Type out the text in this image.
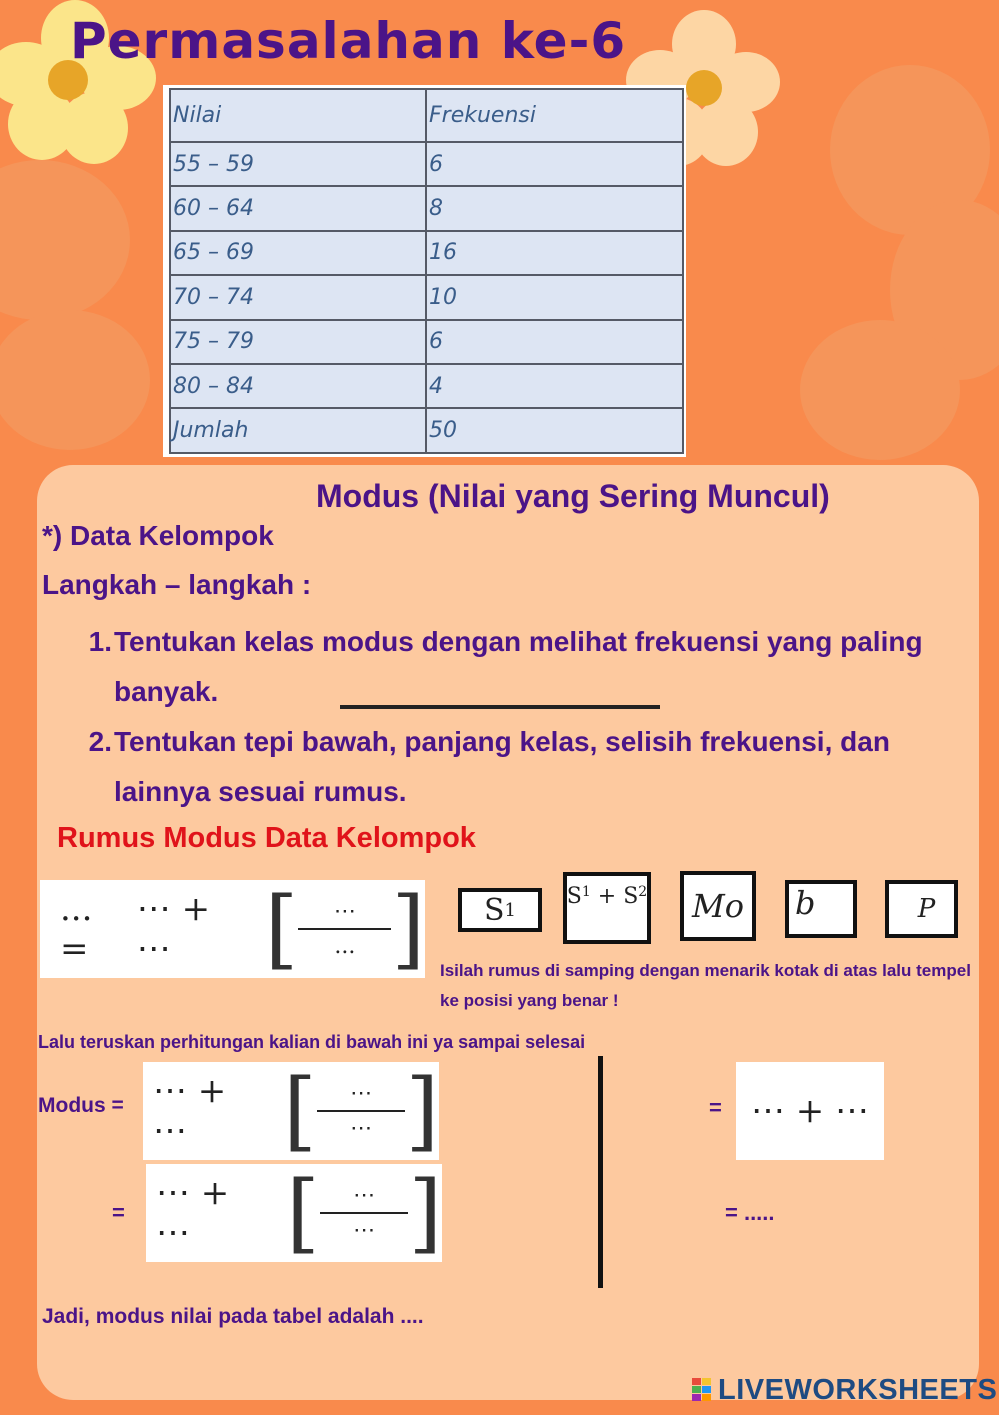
Permasalahan ke-6
Nilai	Frekuensi
55 – 59	6
60 – 64	8
65 – 69	16
70 – 74	10
75 – 79	6
80 – 84	4
Jumlah	50
Modus (Nilai yang Sering Muncul)
*) Data Kelompok
Langkah – langkah :
1. Tentukan kelas modus dengan melihat frekuensi yang paling banyak.
2. Tentukan tepi bawah, panjang kelas, selisih frekuensi, dan lainnya sesuai rumus.
Rumus Modus Data Kelompok
... =
⋯ + ⋯	[ $\frac{\cdots}{...}$ ] S 1
$S^1 + S^2$	Mo	b	P
Isilah rumus di samping dengan menarik kotak di atas lalu tempel ke posisi yang benar !
Lalu teruskan perhitungan kalian di bawah ini ya sampai selesai
Modus = ⋯ + ⋯	[ $\frac{\cdots}{\cdots}$ ]
= ⋯ + ⋯	[ $\frac{\cdots}{\cdots}$ ]
= ⋯ + ⋯
= .....
Jadi, modus nilai pada tabel adalah ....
LIVEWORKSHEETS
